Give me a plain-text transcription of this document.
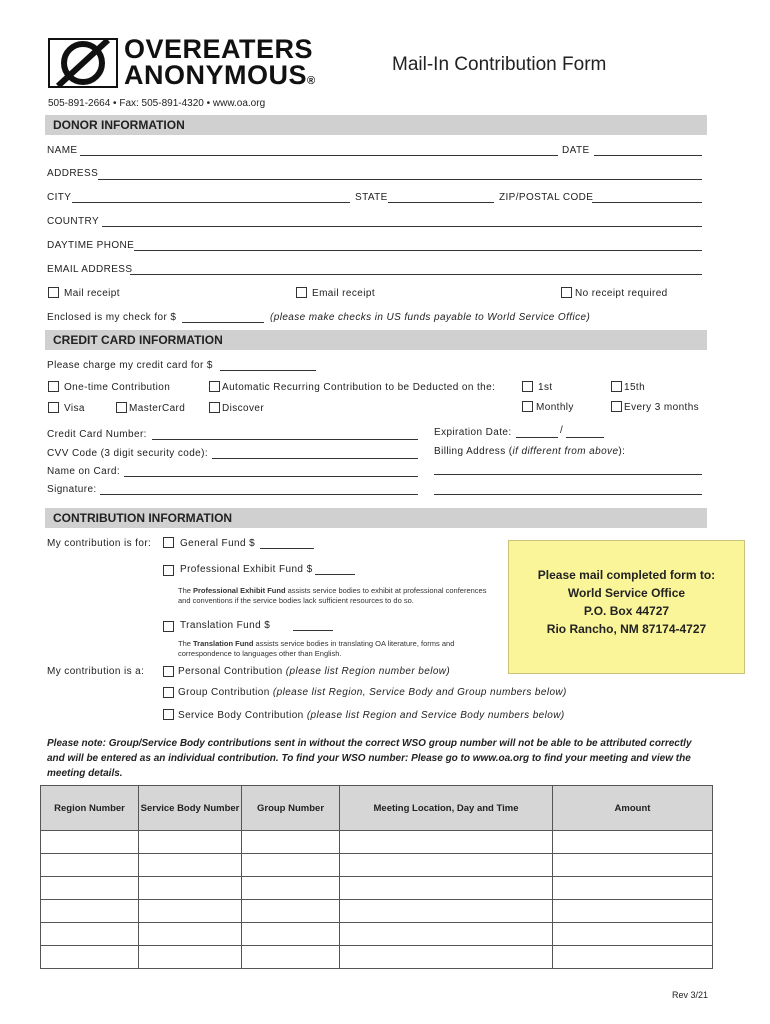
OVEREATERS
ANONYMOUS®
Mail-In Contribution Form
505-891-2664 • Fax: 505-891-4320 • www.oa.org
DONOR INFORMATION
NAME	DATE
ADDRESS
CITY	STATE	ZIP/POSTAL CODE
COUNTRY
DAYTIME PHONE
EMAIL ADDRESS
Mail receipt	Email receipt	No receipt required
Enclosed is my check for $	(please make checks in US funds payable to World Service Office)
CREDIT CARD INFORMATION
Please charge my credit card for $
One-time Contribution	Automatic Recurring Contribution to be Deducted on the:	1st	15th
Visa	MasterCard	Discover	Monthly	Every 3 months
Credit Card Number:	Expiration Date:	/
CVV Code (3 digit security code):	Billing Address (if different from above):
Name on Card:
Signature:
CONTRIBUTION INFORMATION
My contribution is for:	General Fund $
Professional Exhibit Fund $
The Professional Exhibit Fund assists service bodies to exhibit at professional conferences and conventions if the service bodies lack sufficient resources to do so.
Translation Fund $
The Translation Fund assists service bodies in translating OA literature, forms and correspondence to languages other than English.
My contribution is a:	Personal Contribution (please list Region number below)
Group Contribution (please list Region, Service Body and Group numbers below)
Service Body Contribution (please list Region and Service Body numbers below)
Please mail completed form to:
World Service Office
P.O. Box 44727
Rio Rancho, NM 87174-4727
Please note: Group/Service Body contributions sent in without the correct WSO group number will not be able to be attributed correctly and will be entered as an individual contribution. To find your WSO number: Please go to www.oa.org to find your meeting and view the meeting details.
Region Number	Service Body Number	Group Number	Meeting Location, Day and Time	Amount

Rev 3/21
